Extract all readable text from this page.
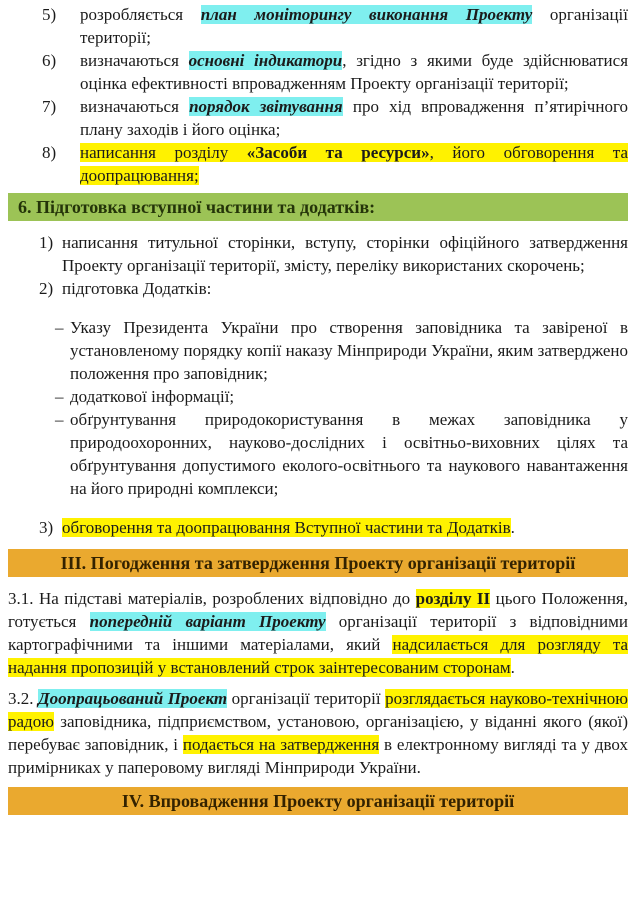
5)	розробляється план моніторингу виконання Проекту організації території;
6)	визначаються основні індикатори, згідно з якими буде здійснюватися оцінка ефективності впровадженням Проекту організації території;
7)	визначаються порядок звітування про хід впровадження п’ятирічного плану заходів і його оцінка;
8)	написання розділу «Засоби та ресурси», його обговорення та доопрацювання;
6. Підготовка вступної частини та додатків:
1) написання титульної сторінки, вступу, сторінки офіційного затвердження Проекту організації території, змісту, переліку використаних скорочень;
2) підготовка Додатків:
– Указу Президента України про створення заповідника та завіреної в установленому порядку копії наказу Мінприроди України, яким затверджено положення про заповідник;
– додаткової інформації;
– обґрунтування природокористування в межах заповідника у природоохоронних, науково-дослідних і освітньо-виховних цілях та обґрунтування допустимого еколого-освітнього та наукового навантаження на його природні комплекси;
3) обговорення та доопрацювання Вступної частини та Додатків.
III. Погодження та затвердження Проекту організації території

3.1. На підставі матеріалів, розроблених відповідно до розділу II цього Положення, готується попередній варіант Проекту організації території з відповідними картографічними та іншими матеріалами, який надсилається для розгляду та надання пропозицій у встановлений строк заінтересованим сторонам.

3.2. Доопрацьований Проект організації території розглядається науково-технічною радою заповідника, підприємством, установою, організацією, у віданні якого (якої) перебуває заповідник, і подається на затвердження в електронному вигляді та у двох примірниках у паперовому вигляді Мінприроди України.

IV. Впровадження Проекту організації території
